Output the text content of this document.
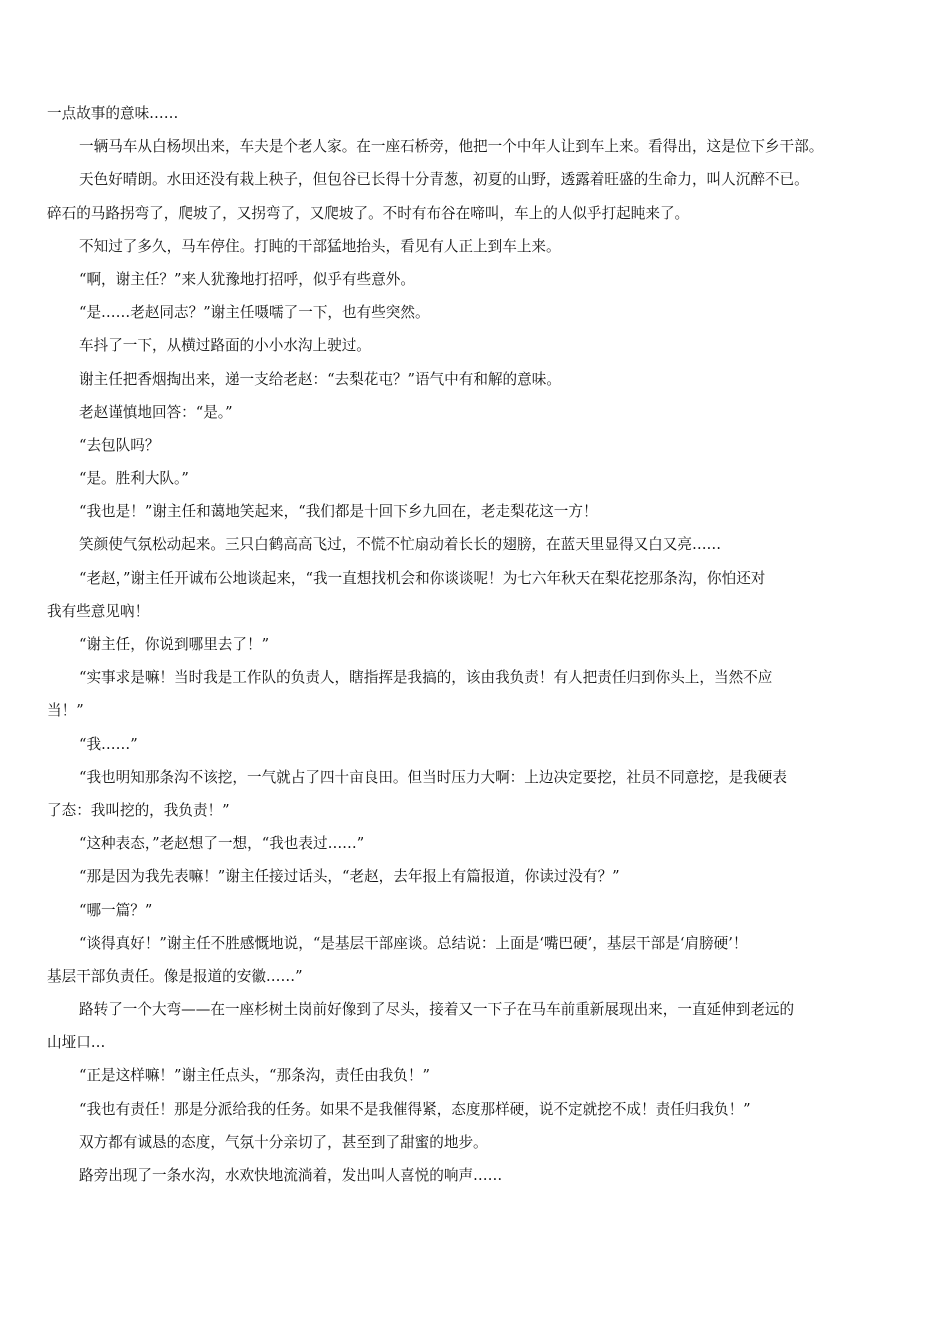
一点故事的意味……
一辆马车从白杨坝出来，车夫是个老人家。在一座石桥旁，他把一个中年人让到车上来。看得出，这是位下乡干部。
天色好晴朗。水田还没有栽上秧子，但包谷已长得十分青葱，初夏的山野，透露着旺盛的生命力，叫人沉醉不已。
碎石的马路拐弯了，爬坡了，又拐弯了，又爬坡了。不时有布谷在啼叫，车上的人似乎打起盹来了。
不知过了多久，马车停住。打盹的干部猛地抬头，看见有人正上到车上来。
“啊，谢主任？”来人犹豫地打招呼，似乎有些意外。
“是……老赵同志？”谢主任嗫嚅了一下，也有些突然。
车抖了一下，从横过路面的小小水沟上驶过。
谢主任把香烟掏出来，递一支给老赵：“去梨花屯？”语气中有和解的意味。
老赵谨慎地回答：“是。”
“去包队吗？
“是。胜利大队。”
“我也是！”谢主任和蔼地笑起来，“我们都是十回下乡九回在，老走梨花这一方！
笑颜使气氛松动起来。三只白鹤高高飞过，不慌不忙扇动着长长的翅膀，在蓝天里显得又白又亮……
“老赵，”谢主任开诚布公地谈起来，“我一直想找机会和你谈谈呢！为七六年秋天在梨花挖那条沟，你怕还对
我有些意见吶！
“谢主任，你说到哪里去了！”
“实事求是嘛！当时我是工作队的负责人，瞎指挥是我搞的，该由我负责！有人把责任归到你头上，当然不应
当！”
“我……”
“我也明知那条沟不该挖，一气就占了四十亩良田。但当时压力大啊：上边决定要挖，社员不同意挖，是我硬表
了态：我叫挖的，我负责！”
“这种表态，”老赵想了一想，“我也表过……”
“那是因为我先表嘛！”谢主任接过话头，“老赵，去年报上有篇报道，你读过没有？”
“哪一篇？”
“谈得真好！”谢主任不胜感慨地说，“是基层干部座谈。总结说：上面是‘嘴巴硬’，基层干部是‘肩膀硬’！
基层干部负责任。像是报道的安徽……”
路转了一个大弯——在一座杉树土岗前好像到了尽头，接着又一下子在马车前重新展现出来，一直延伸到老远的
山垭口…
“正是这样嘛！”谢主任点头，“那条沟，责任由我负！”
“我也有责任！那是分派给我的任务。如果不是我催得紧，态度那样硬，说不定就挖不成！责任归我负！”
双方都有诚恳的态度，气氛十分亲切了，甚至到了甜蜜的地步。
路旁出现了一条水沟，水欢快地流淌着，发出叫人喜悦的响声……
